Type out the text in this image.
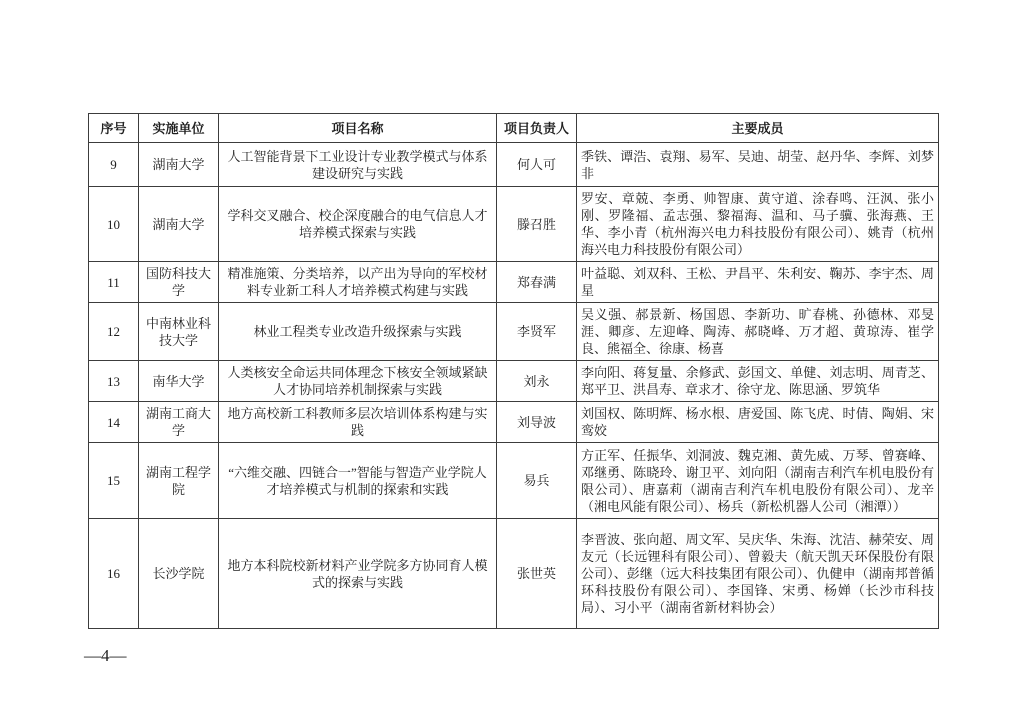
序号	实施单位	项目名称	项目负责人	主要成员
9	湖南大学	人工智能背景下工业设计专业教学模式与体系建设研究与实践	何人可	季铁、谭浩、袁翔、易军、吴迪、胡莹、赵丹华、李辉、刘梦非
10	湖南大学	学科交叉融合、校企深度融合的电气信息人才培养模式探索与实践	滕召胜	罗安、章兢、李勇、帅智康、黄守道、涂春鸣、汪沨、张小刚、罗隆福、孟志强、黎福海、温和、马子骥、张海燕、王华、李小青（杭州海兴电力科技股份有限公司）、姚青（杭州海兴电力科技股份有限公司）
11	国防科技大学	精准施策、分类培养，以产出为导向的军校材料专业新工科人才培养模式构建与实践	郑春满	叶益聪、刘双科、王松、尹昌平、朱利安、鞠苏、李宇杰、周星
12	中南林业科技大学	林业工程类专业改造升级探索与实践	李贤军	吴义强、郝景新、杨国恩、李新功、旷春桃、孙德林、邓旻涯、卿彦、左迎峰、陶涛、郝晓峰、万才超、黄琼涛、崔学良、熊福全、徐康、杨喜
13	南华大学	人类核安全命运共同体理念下核安全领域紧缺人才协同培养机制探索与实践	刘永	李向阳、蒋复量、余修武、彭国文、单健、刘志明、周青芝、郑平卫、洪昌寿、章求才、徐守龙、陈思涵、罗筑华
14	湖南工商大学	地方高校新工科教师多层次培训体系构建与实践	刘导波	刘国权、陈明辉、杨水根、唐爱国、陈飞虎、时倩、陶娟、宋鸾姣
15	湖南工程学院	“六维交融、四链合一”智能与智造产业学院人才培养模式与机制的探索和实践	易兵	方正军、任振华、刘洞波、魏克湘、黄先威、万琴、曾赛峰、邓继勇、陈晓玲、谢卫平、刘向阳（湖南吉利汽车机电股份有限公司）、唐嘉莉（湖南吉利汽车机电股份有限公司）、龙辛（湘电风能有限公司）、杨兵（新松机器人公司（湘潭））
16	长沙学院	地方本科院校新材料产业学院多方协同育人模式的探索与实践	张世英	李晋波、张向超、周文军、吴庆华、朱海、沈洁、赫荣安、周友元（长远锂科有限公司）、曾毅夫（航天凯天环保股份有限公司）、彭继（远大科技集团有限公司）、仇健申（湖南邦普循环科技股份有限公司）、李国锋、宋勇、杨婵（长沙市科技局）、习小平（湖南省新材料协会）
—4—
